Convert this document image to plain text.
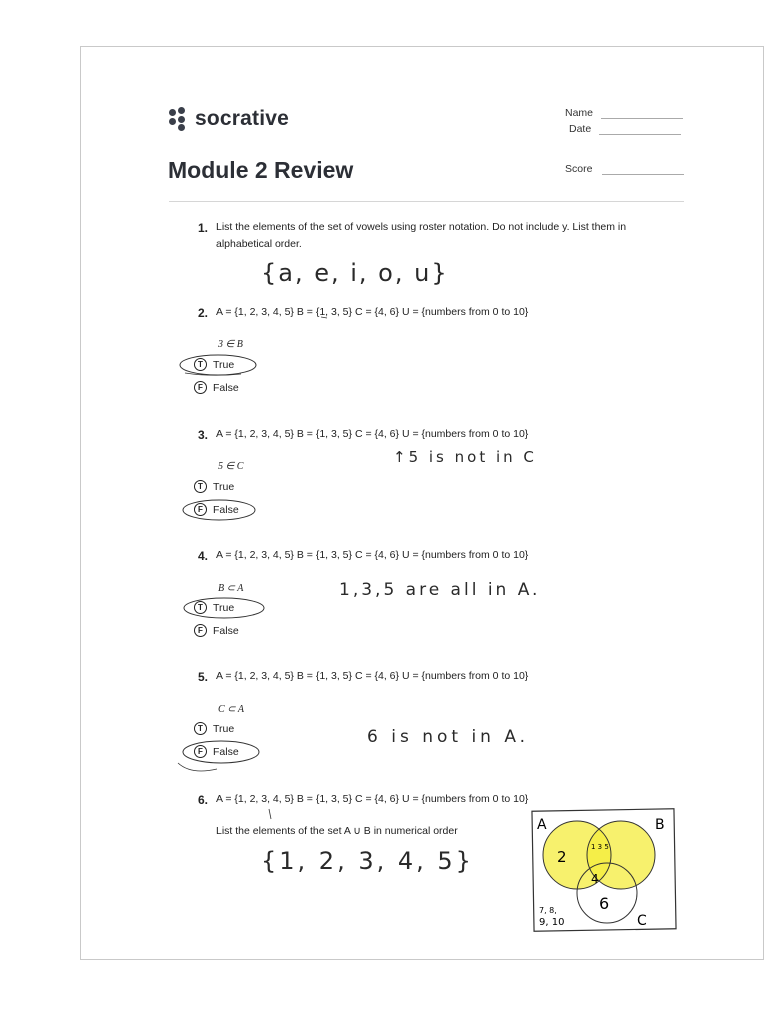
socrative
Module 2 Review
Name
Date
Score
1. List the elements of the set of vowels using roster notation. Do not include y. List them in
alphabetical order.
{a, e, i, o, u}
2. A = {1, 2, 3, 4, 5} B = {1, 3, 5} C = {4, 6} U = {numbers from 0 to 10}
3 ∈ B
T True
F False
3. A = {1, 2, 3, 4, 5} B = {1, 3, 5} C = {4, 6} U = {numbers from 0 to 10}
5 ∈ C
↑5 is not in C
T True
F False
4. A = {1, 2, 3, 4, 5} B = {1, 3, 5} C = {4, 6} U = {numbers from 0 to 10}
B ⊂ A	1,3,5 are all in A.
T True
F False
5. A = {1, 2, 3, 4, 5} B = {1, 3, 5} C = {4, 6} U = {numbers from 0 to 10}
C ⊂ A
6 is not in A.
T True
F False
6. A = {1, 2, 3, 4, 5} B = {1, 3, 5} C = {4, 6} U = {numbers from 0 to 10}
List the elements of the set A ∪ B in numerical order
{1, 2, 3, 4, 5}
A	B
C
2
1 3 5
4
6
7, 8,
9, 10
